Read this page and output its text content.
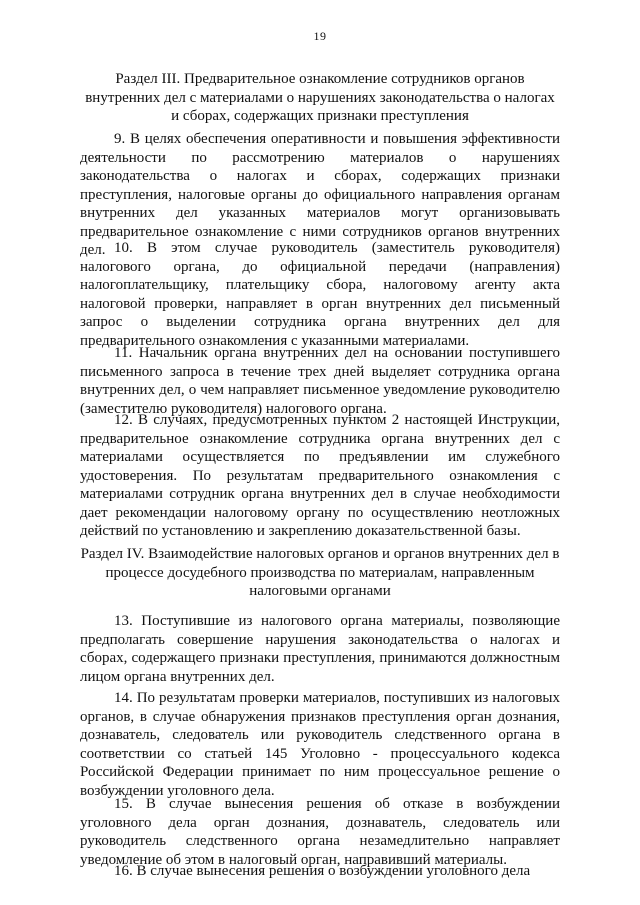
19
Раздел III. Предварительное ознакомление сотрудников органов внутренних дел с материалами о нарушениях законодательства о налогах и сборах, содержащих признаки преступления
9. В целях обеспечения оперативности и повышения эффективности деятельности по рассмотрению материалов о нарушениях законодательства о налогах и сборах, содержащих признаки преступления, налоговые органы до официального направления органам внутренних дел указанных материалов могут организовывать предварительное ознакомление с ними сотрудников органов внутренних дел. 10. В этом случае руководитель (заместитель руководителя) налогового органа, до официальной передачи (направления) налогоплательщику, плательщику сбора, налоговому агенту акта налоговой проверки, направляет в орган внутренних дел письменный запрос о выделении сотрудника органа внутренних дел для предварительного ознакомления с указанными материалами.
11. Начальник органа внутренних дел на основании поступившего письменного запроса в течение трех дней выделяет сотрудника органа внутренних дел, о чем направляет письменное уведомление руководителю (заместителю руководителя) налогового органа.
12. В случаях, предусмотренных пунктом 2 настоящей Инструкции, предварительное ознакомление сотрудника органа внутренних дел с материалами осуществляется по предъявлении им служебного удостоверения. По результатам предварительного ознакомления с материалами сотрудник органа внутренних дел в случае необходимости дает рекомендации налоговому органу по осуществлению неотложных действий по установлению и закреплению доказательственной базы.
Раздел IV. Взаимодействие налоговых органов и органов внутренних дел в процессе досудебного производства по материалам, направленным налоговыми органами
13. Поступившие из налогового органа материалы, позволяющие предполагать совершение нарушения законодательства о налогах и сборах, содержащего признаки преступления, принимаются должностным лицом органа внутренних дел.
14. По результатам проверки материалов, поступивших из налоговых органов, в случае обнаружения признаков преступления орган дознания, дознаватель, следователь или руководитель следственного органа в соответствии со статьей 145 Уголовно - процессуального кодекса Российской Федерации принимает по ним процессуальное решение о возбуждении уголовного дела.
15. В случае вынесения решения об отказе в возбуждении уголовного дела орган дознания, дознаватель, следователь или руководитель следственного органа незамедлительно направляет уведомление об этом в налоговый орган, направивший материалы.
16. В случае вынесения решения о возбуждении уголовного дела
